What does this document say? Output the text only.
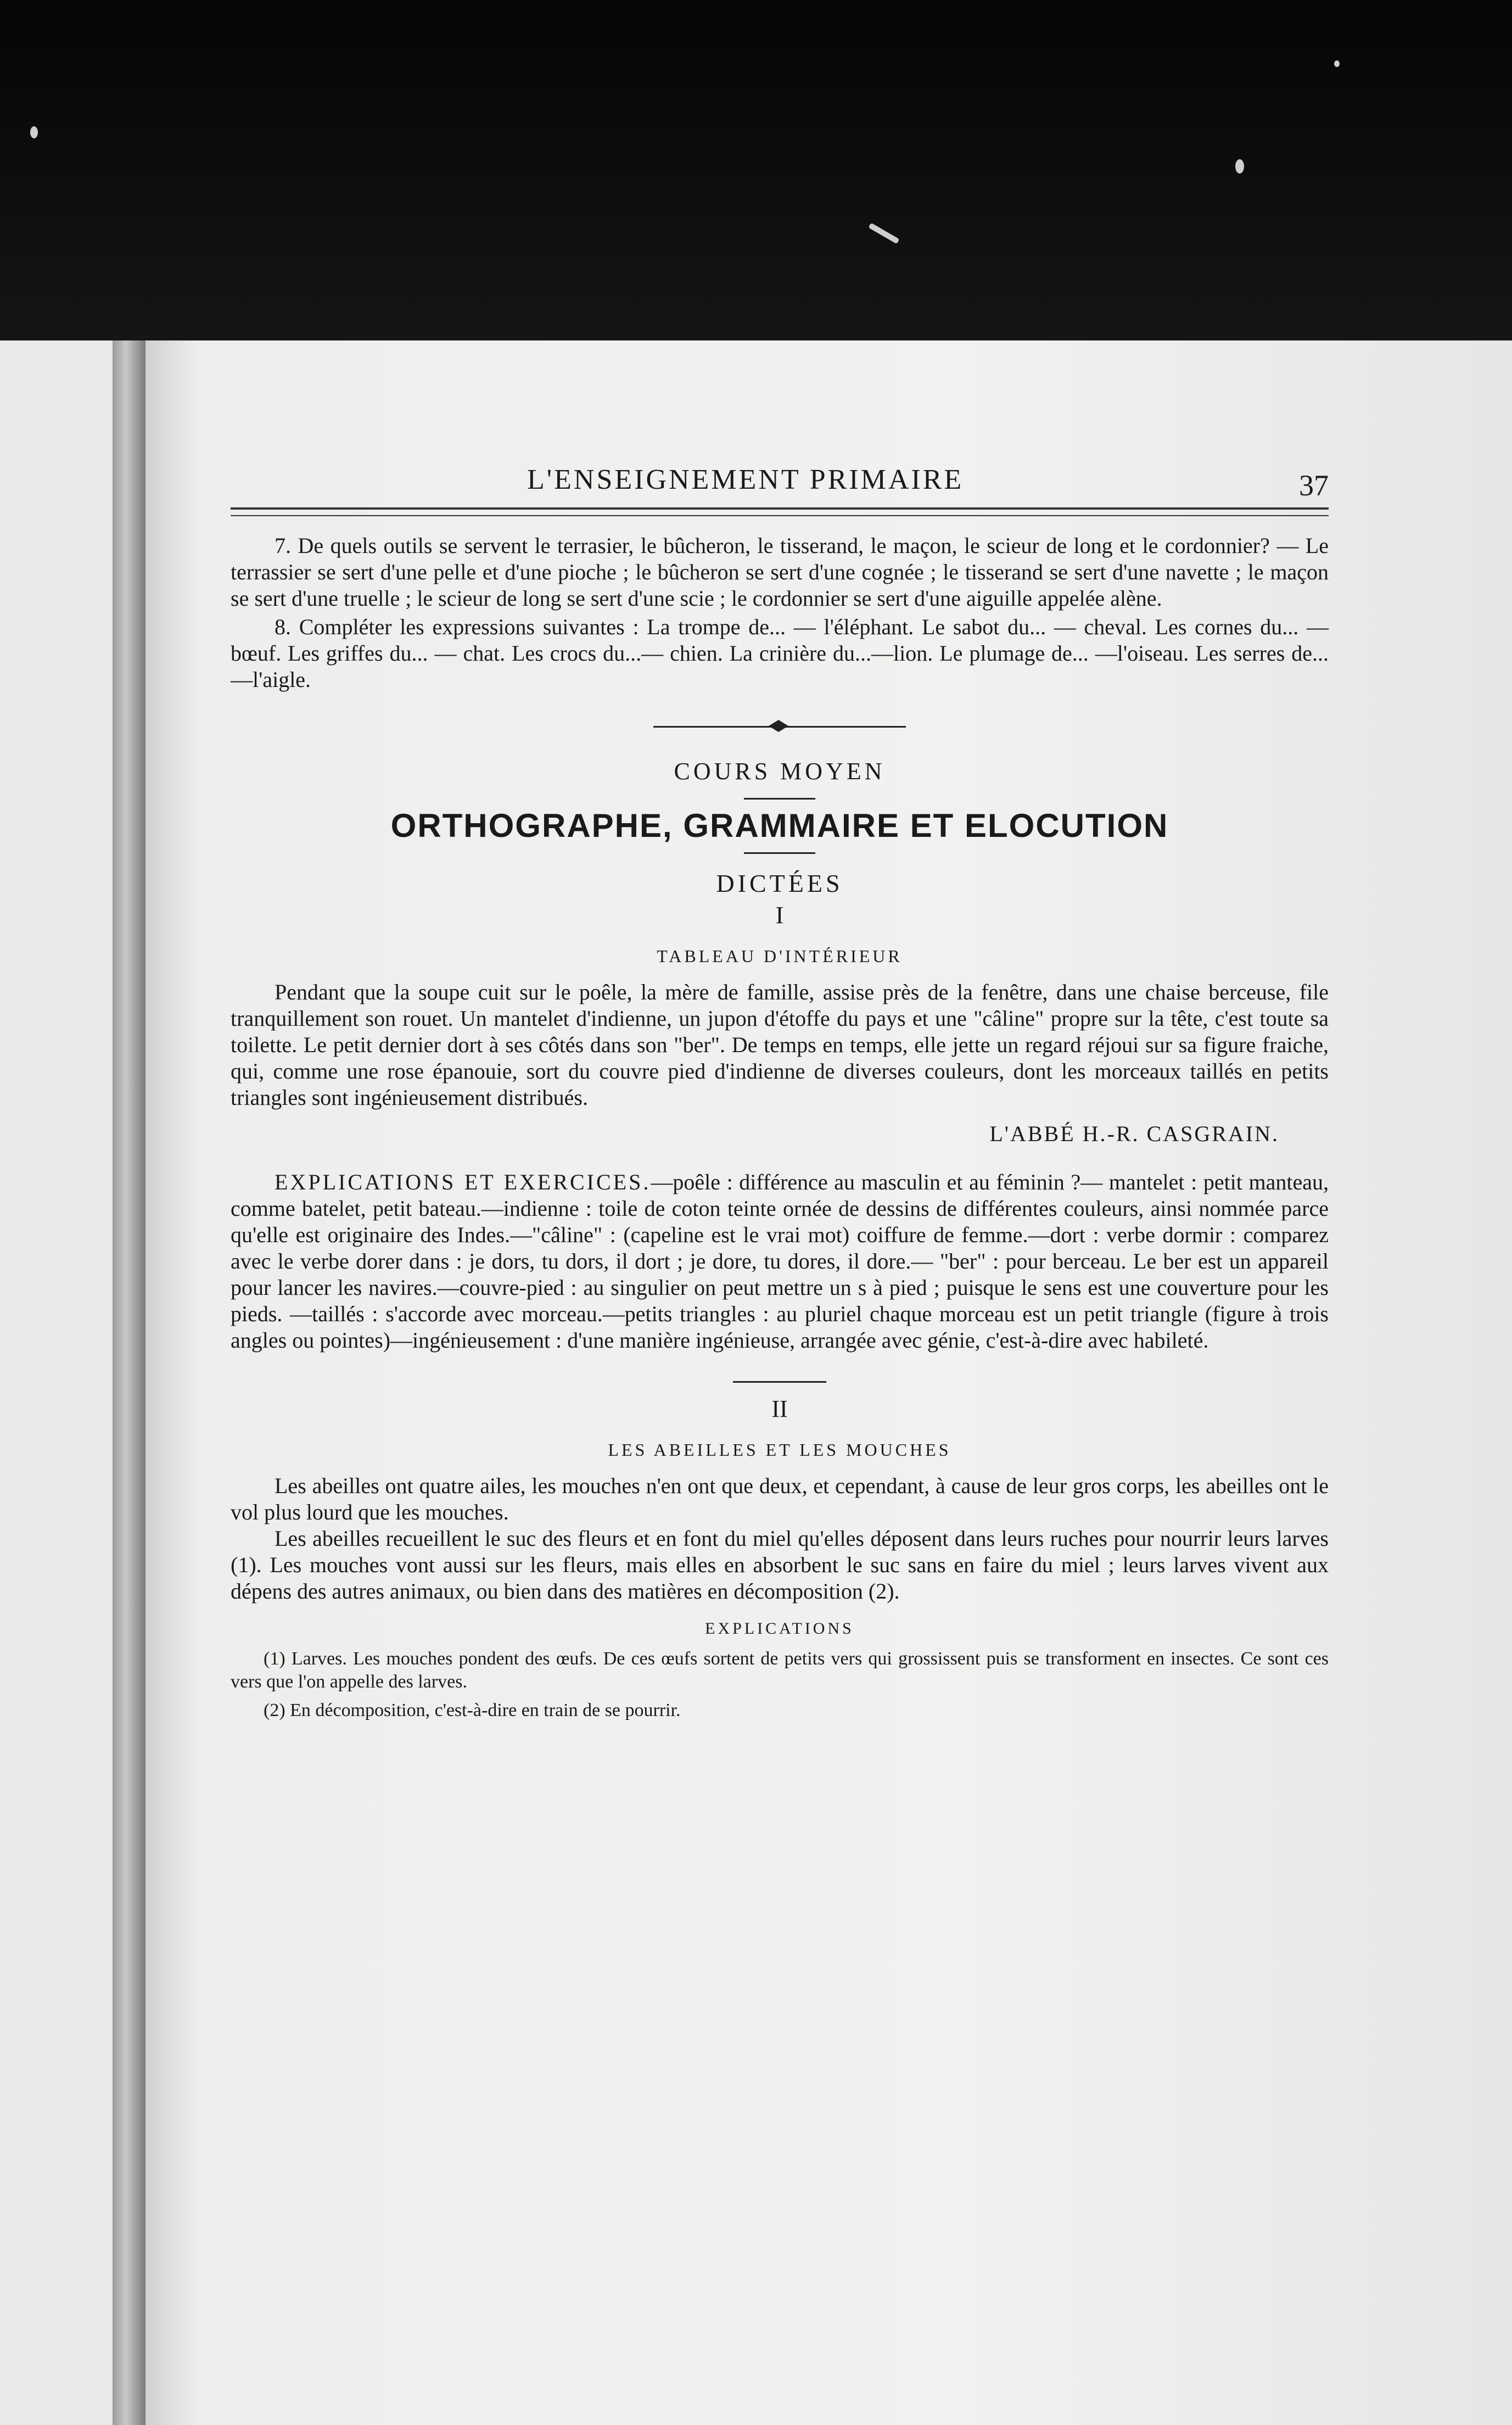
L'ENSEIGNEMENT PRIMAIRE	37

7. De quels outils se servent le terrasier, le bûcheron, le tisserand, le maçon, le scieur de long et le cordonnier? — Le terrassier se sert d'une pelle et d'une pioche ; le bûcheron se sert d'une cognée ; le tisserand se sert d'une navette ; le maçon se sert d'une truelle ; le scieur de long se sert d'une scie ; le cordonnier se sert d'une aiguille appelée alène.

8. Compléter les expressions suivantes : La trompe de... — l'éléphant. Le sabot du... — cheval. Les cornes du... — bœuf. Les griffes du... — chat. Les crocs du...— chien. La crinière du...—lion. Le plumage de... —l'oiseau. Les serres de...—l'aigle.

COURS MOYEN
ORTHOGRAPHE, GRAMMAIRE ET ELOCUTION
DICTÉES
I
TABLEAU D'INTÉRIEUR

Pendant que la soupe cuit sur le poêle, la mère de famille, assise près de la fenêtre, dans une chaise berceuse, file tranquillement son rouet. Un mantelet d'indienne, un jupon d'étoffe du pays et une "câline" propre sur la tête, c'est toute sa toilette. Le petit dernier dort à ses côtés dans son "ber". De temps en temps, elle jette un regard réjoui sur sa figure fraiche, qui, comme une rose épanouie, sort du couvre pied d'indienne de diverses couleurs, dont les morceaux taillés en petits triangles sont ingénieusement distribués.

L'ABBÉ H.-R. CASGRAIN.

EXPLICATIONS ET EXERCICES.—poêle : différence au masculin et au féminin ?— mantelet : petit manteau, comme batelet, petit bateau.—indienne : toile de coton teinte ornée de dessins de différentes couleurs, ainsi nommée parce qu'elle est originaire des Indes.—"câline" : (capeline est le vrai mot) coiffure de femme.—dort : verbe dormir : comparez avec le verbe dorer dans : je dors, tu dors, il dort ; je dore, tu dores, il dore.— "ber" : pour berceau. Le ber est un appareil pour lancer les navires.—couvre-pied : au singulier on peut mettre un s à pied ; puisque le sens est une couverture pour les pieds. —taillés : s'accorde avec morceau.—petits triangles : au pluriel chaque morceau est un petit triangle (figure à trois angles ou pointes)—ingénieusement : d'une manière ingénieuse, arrangée avec génie, c'est-à-dire avec habileté.

II
LES ABEILLES ET LES MOUCHES

Les abeilles ont quatre ailes, les mouches n'en ont que deux, et cependant, à cause de leur gros corps, les abeilles ont le vol plus lourd que les mouches.

Les abeilles recueillent le suc des fleurs et en font du miel qu'elles déposent dans leurs ruches pour nourrir leurs larves (1). Les mouches vont aussi sur les fleurs, mais elles en absorbent le suc sans en faire du miel ; leurs larves vivent aux dépens des autres animaux, ou bien dans des matières en décomposition (2).

EXPLICATIONS

(1) Larves. Les mouches pondent des œufs. De ces œufs sortent de petits vers qui grossissent puis se transforment en insectes. Ce sont ces vers que l'on appelle des larves.

(2) En décomposition, c'est-à-dire en train de se pourrir.
